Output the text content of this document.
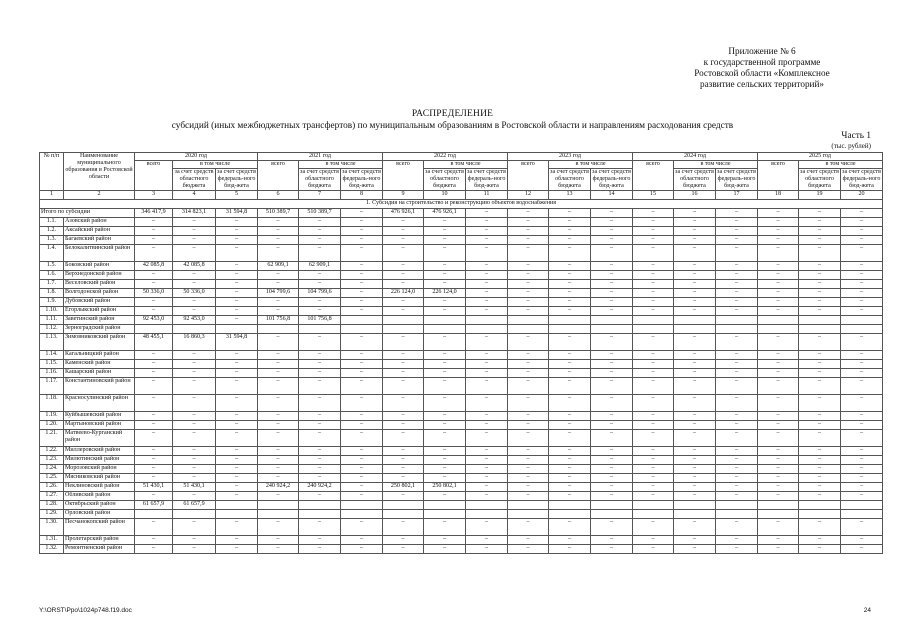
Приложение № 6
к государственной программе
Ростовской области «Комплексное
развитие сельских территорий»
РАСПРЕДЕЛЕНИЕ
субсидий (иных межбюджетных трансфертов) по муниципальным образованиям в Ростовской области и направлениям расходования средств
Часть 1
(тыс. рублей)
№ п/п	Наименование муниципального образования в Ростовской области	2020 год			2021 год			2022 год			2023 год			2024 год			2025 год		
		всего	в том числе		всего	в том числе		всего	в том числе		всего	в том числе		всего	в том числе		всего	в том числе	
			за счет средств областного бюджета	за счет средств федераль-ного бюд-жета		за счет средств областного бюджета	за счет средств федераль-ного бюд-жета		за счет средств областного бюджета	за счет средств федераль-ного бюд-жета		за счет средств областного бюджета	за счет средств федераль-ного бюд-жета		за счет средств областного бюджета	за счет средств федераль-ного бюд-жета		за счет средств областного бюджета	за счет средств федераль-ного бюд-жета
1	2	3	4	5	6	7	8	9	10	11	12	13	14	15	16	17	18	19	20
1. Субсидия на строительство и реконструкцию объектов водоснабжения																			
Итого по субсидии		346 417,9	314 823,1	31 594,8	510 389,7	510 389,7	–	476 926,1	476 926,1	–	–	–	–	–	–	–	–	–	–
1.1.	Азовский район	–	–	–	–	–	–	–	–	–	–	–	–	–	–	–	–	–	–
1.2.	Аксайский район	–	–	–	–	–	–	–	–	–	–	–	–	–	–	–	–	–	–
1.3.	Багаевский район	–	–	–	–	–	–	–	–	–	–	–	–	–	–	–	–	–	–
1.4.	Белокалитвинский район	–	–	–	–	–	–	–	–	–	–	–	–	–	–	–	–	–	–
1.5.	Боковский район	42 085,8	42 085,8	–	62 909,1	62 909,1	–	–	–	–	–	–	–	–	–	–	–	–	–
1.6.	Верхнедонской район	–	–	–	–	–	–	–	–	–	–	–	–	–	–	–	–	–	–
1.7.	Веселовский район	–	–	–	–	–	–	–	–	–	–	–	–	–	–	–	–	–	–
1.8.	Волгодонской район	50 336,0	50 336,0	–	104 799,6	104 799,6	–	226 124,0	226 124,0	–	–	–	–	–	–	–	–	–	–
1.9.	Дубовский район	–	–	–	–	–	–	–	–	–	–	–	–	–	–	–	–	–	–
1.10.	Егорлыкский район	–	–	–	–	–	–	–	–	–	–	–	–	–	–	–	–	–	–
1.11.	Заветинский район	92 453,0	92 453,0	–	101 756,8	101 756,8													
1.12.	Зерноградский район																		
1.13.	Зимовниковский район	48 455,1	16 860,3	31 594,8	–	–	–	–	–	–	–	–	–	–	–	–	–	–	–
1.14.	Кагальницкий район	–	–	–	–	–	–	–	–	–	–	–	–	–	–	–	–	–	–
1.15.	Каменский район	–	–	–	–	–	–	–	–	–	–	–	–	–	–	–	–	–	–
1.16.	Кашарский район	–	–	–	–	–	–	–	–	–	–	–	–	–	–	–	–	–	–
1.17.	Константиновский район	–	–	–	–	–	–	–	–	–	–	–	–	–	–	–	–	–	–
1.18.	Красносулинский район	–	–	–	–	–	–	–	–	–	–	–	–	–	–	–	–	–	–
1.19.	Куйбышевский район	–	–	–	–	–	–	–	–	–	–	–	–	–	–	–	–	–	–
1.20.	Мартыновский район	–	–	–	–	–	–	–	–	–	–	–	–	–	–	–	–	–	–
1.21.	Матвеево-Курганский район	–	–	–	–	–	–	–	–	–	–	–	–	–	–	–	–	–	–
1.22.	Миллеровский район	–	–	–	–	–	–	–	–	–	–	–	–	–	–	–	–	–	–
1.23.	Милютинский район	–	–	–	–	–	–	–	–	–	–	–	–	–	–	–	–	–	–
1.24.	Морозовский район	–	–	–	–	–	–	–	–	–	–	–	–	–	–	–	–	–	–
1.25.	Мясниковский район	–	–	–	–	–	–	–	–	–	–	–	–	–	–	–	–	–	–
1.26.	Неклиновский район	51 430,1	51 430,1	–	240 924,2	240 924,2	–	250 802,1	250 802,1	–	–	–	–	–	–	–	–	–	–
1.27.	Обливский район	–	–	–	–	–	–	–	–	–	–	–	–	–	–	–	–	–	–
1.28.	Октябрьский район	61 657,9	61 657,9																
1.29.	Орловский район																		
1.30.	Песчанокопский район	–	–	–	–	–	–	–	–	–	–	–	–	–	–	–	–	–	–
1.31.	Пролетарский район	–	–	–	–	–	–	–	–	–	–	–	–	–	–	–	–	–	–
1.32.	Ремонтненский район	–	–	–	–	–	–	–	–	–	–	–	–	–	–	–	–	–	–
Y:\ORST\Ppo\1024p748.f19.doc	24
